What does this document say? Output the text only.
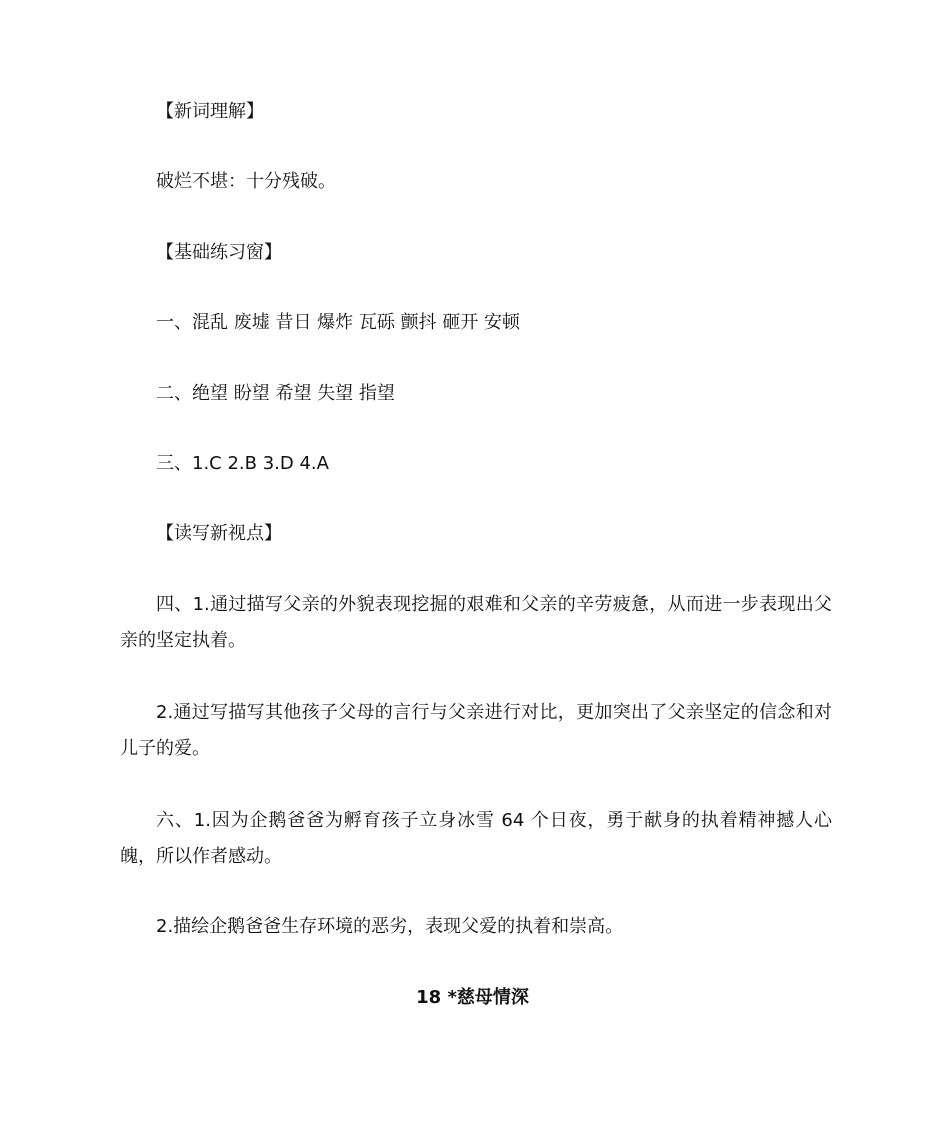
【新词理解】
破烂不堪：十分残破。
【基础练习窗】
一、混乱 废墟 昔日 爆炸 瓦砾 颤抖 砸开 安顿
二、绝望 盼望 希望 失望 指望
三、1.C 2.B 3.D 4.A
【读写新视点】
四、1.通过描写父亲的外貌表现挖掘的艰难和父亲的辛劳疲惫，从而进一步表现出父亲的坚定执着。
2.通过写描写其他孩子父母的言行与父亲进行对比，更加突出了父亲坚定的信念和对儿子的爱。
六、1.因为企鹅爸爸为孵育孩子立身冰雪 64 个日夜，勇于献身的执着精神撼人心魄，所以作者感动。
2.描绘企鹅爸爸生存环境的恶劣，表现父爱的执着和崇高。
18 *慈母情深
